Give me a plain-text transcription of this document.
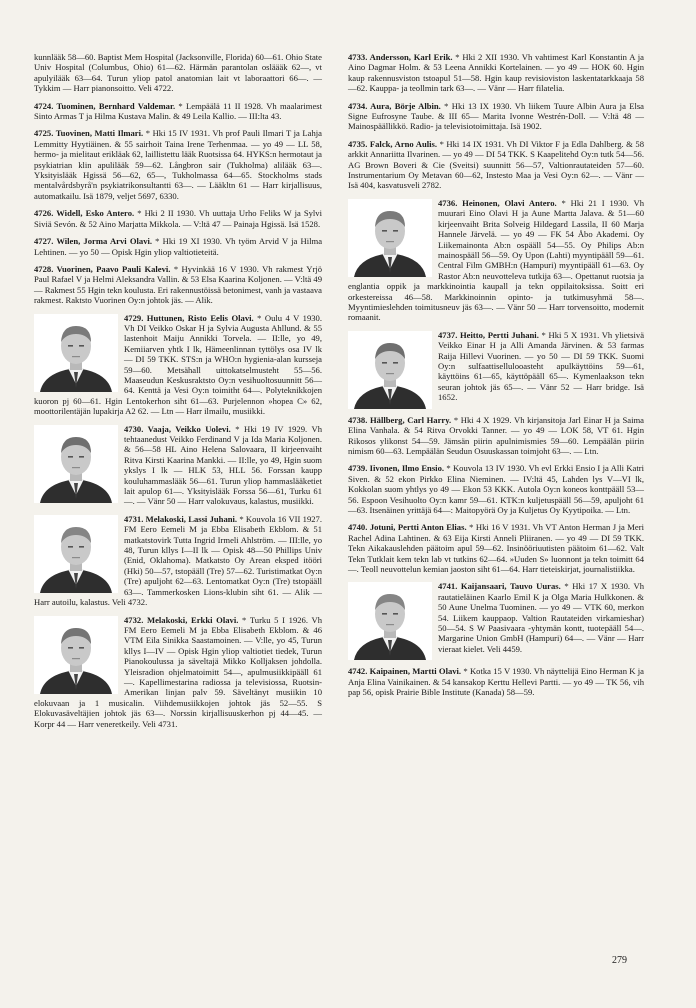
kunnlääk 58—60. Baptist Mem Hospital (Jacksonville, Florida) 60—61. Ohio State Univ Hospital (Columbus, Ohio) 61—62. Härmän parantolan osläääk 62—, vt apulyilääk 63—64. Turun yliop patol anatomian lait vt laboraattori 66—. — Tykkim — Harr pianonsoitto. Veli 4722.

4724. Tuominen, Bernhard Valdemar. * Lempäälä 11 II 1928. Vh maalarimest Sinto Armas T ja Hilma Kustava Malin. & 49 Leila Kallio. — III:lta 43.

4725. Tuovinen, Matti Ilmari. * Hki 15 IV 1931. Vh prof Pauli Ilmari T ja Lahja Lemmitty Hyytiäinen. & 55 sairhoit Taina Irene Terhenmaa. — yo 49 — LL 58, hermo- ja mielitaut erikläak 62, laillistettu lääk Ruotsissa 64. HYKS:n hermotaut ja psykiatrian klin apulilääk 59—62. Långbron sair (Tukholma) alilääk 63—. Yksityislääk Hgissä 56—62, 65—, Tukholmassa 64—65. Stockholms stads mentalvårdsbyrå'n psykiatrikonsultantti 63—. — Lääkltn 61 — Harr kirjallisuus, automatkailu. Isä 1879, veljet 5697, 6330.

4726. Widell, Esko Antero. * Hki 2 II 1930. Vh uuttaja Urho Feliks W ja Sylvi Siviä Sevón. & 52 Aino Marjatta Mikkola. — V:ltä 47 — Painaja Hgissä. Isä 1528.

4727. Wilen, Jorma Arvi Olavi. * Hki 19 XI 1930. Vh työm Arvid V ja Hilma Lehtinen. — yo 50 — Opisk Hgin yliop valtiotieteitä.

4728. Vuorinen, Paavo Pauli Kalevi. * Hyvinkää 16 V 1930. Vh rakmest Yrjö Paul Rafael V ja Helmi Aleksandra Vallin. & 53 Elsa Kaarina Koljonen. — V:ltä 49 — Rakmest 55 Hgin tekn koulusta. Eri rakennustöissä betonimest, vanh ja vastaava rakmest. Raktsto Vuorinen Oy:n johtok jäs. — Alik.

4729. Huttunen, Risto Eelis Olavi. * Oulu 4 V 1930. Vh DI Veikko Oskar H ja Sylvia Augusta Ahllund. & 55 lastenhoit Maiju Annikki Torvela. — II:lle, yo 49, Kemiiarven yhtk I lk, Hämeenlinnan tyttölys osa IV lk — DI 59 TKK. STS:n ja WHO:n hygienia-alan kursseja 59—60. Metsähall uittokatselmusteht 55—56. Maaseudun Keskusraktsto Oy:n vesihuoltosuunnitt 56—64. Kenttä ja Vesi Oy:n toimitht 64—. Polyteknikkojen kuoron pj 60—61. Hgin Lentokerhon siht 61—63. Purjelennon »hopea C» 62, moottorilentäjän lupakirja A2 62. — Ltn — Harr ilmailu, musiikki.

4730. Vaaja, Veikko Uolevi. * Hki 19 IV 1929. Vh tehtaanedust Veikko Ferdinand V ja Ida Maria Koljonen. & 56—58 HL Aino Helena Salovaara, II kirjeenvaiht Ritva Kirsti Kaarina Mankki. — II:lle, yo 49, Hgin suom ykslys I lk — HLK 53, HLL 56. Forssan kaupp kouluhammaslääk 56—61. Turun yliop hammaslääketiet lait apulop 61—. Yksityislääk Forssa 56—61, Turku 61—. — Vänr 50 — Harr valokuvaus, kalastus, musiikki.

4731. Melakoski, Lassi Juhani. * Kouvola 16 VII 1927. FM Eero Eemeli M ja Ebba Elisabeth Ekblom. & 51 matkatstovirk Tutta Ingrid Irmeli Ahlström. — III:lle, yo 48, Turun kllys I—II lk — Opisk 48—50 Phillips Univ (Enid, Oklahoma). Matkatsto Oy Arean eksped itööri (Hki) 50—57, tstopääll (Tre) 57—62. Turistimatkat Oy:n (Tre) apuljoht 62—63. Lentomatkat Oy:n (Tre) tstopääll 63—. Tammerkosken Lions-klubin siht 61. — Alik — Harr autoilu, kalastus. Veli 4732.

4732. Melakoski, Erkki Olavi. * Turku 5 I 1926. Vh FM Eero Eemeli M ja Ebba Elisabeth Ekblom. & 46 VTM Eila Sinikka Saastamoinen. — V:lle, yo 45, Turun kllys I—IV — Opisk Hgin yliop valtiotiet tiedek, Turun Pianokoulussa ja säveltajä Mikko Kolljaksen johdolla. Yleisradion ohjelmatoimitt 54—, apulmusiikkipääll 61—. Kapellimestarina radiossa ja televisiossa, Ruotsin-Amerikan linjan palv 59. Säveltänyt musiikin 10 elokuvaan ja 1 musicalin. Viihdemusiikkojen johtok jäs 52—55. S Elokuvasäveltäjien johtok jäs 63—. Norssin kirjallisuuskerhon pj 44—45. — Korpr 44 — Harr veneretkeily. Veli 4731.

4733. Andersson, Karl Erik. * Hki 2 XII 1930. Vh vahtimest Karl Konstantin A ja Aino Dagmar Holm. & 53 Leena Annikki Kortelainen. — yo 49 — HOK 60. Hgin kaup rakennusviston tstoapul 51—58. Hgin kaup revisioviston laskentatarkkaaja 58—62. Kauppa- ja teollmin tark 63—. — Vänr — Harr filatelia.

4734. Aura, Börje Albin. * Hki 13 IX 1930. Vh liikem Tuure Albin Aura ja Elsa Signe Eufrosyne Taube. & III 65— Marita Ivonne Westrén-Doll. — V:ltä 48 — Mainospäällikkö. Radio- ja televisiotoimittaja. Isä 1902.

4735. Falck, Arno Aulis. * Hki 14 IX 1931. Vh DI Viktor F ja Edla Dahlberg. & 58 arkkit Annariitta Ilvarinen. — yo 49 — DI 54 TKK. S Kaapelitehd Oy:n tutk 54—56. AG Brown Boveri & Cie (Sveitsi) suunnitt 56—57, Valtionrautateiden 57—60. Instrumentarium Oy Metavan 60—62, Instesto Maa ja Vesi Oy:n 62—. — Vänr — Isä 404, kasvatusveli 2782.

4736. Heinonen, Olavi Antero. * Hki 21 I 1930. Vh muurari Eino Olavi H ja Aune Martta Jalava. & 51—60 kirjeenvaiht Brita Solveig Hildegard Lassila, II 60 Marja Hannele Järvelä. — yo 49 — FK 54 Åbo Akademi. Oy Liikemainonta Ab:n ospääll 54—55. Oy Philips Ab:n mainospääll 56—59. Oy Upon (Lahti) myyntipääll 59—61. Central Film GMBH:n (Hampuri) myyntipääll 61—63. Oy Rastor Ab:n neuvottelevа tutkija 63—. Opettanut ruotsia ja englantia oppik ja markkinointia kaupall ja tekn oppilaitoksissa. Soitt eri orkestereissa 46—58. Markkinoinnin opinto- ja tutkimusyhmä 58—. Myyntimieslehden toimitusneuv jäs 63—. — Vänr 50 — Harr torvensoitto, modernit romaanit.

4737. Heitto, Pertti Juhani. * Hki 5 X 1931. Vh ylietsivä Veikko Einar H ja Alli Amanda Järvinen. & 53 farmas Raija Hillevi Vuorinen. — yo 50 — DI 59 TKK. Suomi Oy:n sulfaattisellulooasteht apulkäyttöins 59—61, käyttöins 61—65, käyttöpääll 65—. Kymenlaakson tekn seuran johtok jäs 65—. — Vänr 52 — Harr bridge. Isä 1652.

4738. Hällberg, Carl Harry. * Hki 4 X 1929. Vh kirjansitoja Jarl Einar H ja Saima Elina Vanhala. & 54 Ritva Orvokki Tanner. — yo 49 — LOK 58, VT 61. Hgin Rikosos ylikonst 54—59. Jämsän piirin apulnimismies 59—60. Lempäälän piirin nimism 60—63. Lempäälän Seudun Osuuskassan toimjoht 63—. — Ltn.

4739. Iivonen, Ilmo Ensio. * Kouvola 13 IV 1930. Vh evl Erkki Ensio I ja Alli Katri Siven. & 52 ekon Pirkko Elina Nieminen. — IV:ltä 45, Lahden lys V—VI lk, Kokkolan suom yhtlys yo 49 — Ekon 53 KKK. Autola Oy:n koneos konttpääll 53—56. Espoon Vesihuolto Oy:n kamr 59—61. KTK:n kuljetuspääll 56—59, apuljoht 61—63. Itsenäinen yrittäjä 64—: Maitopyörä Oy ja Kuljetus Oy Kyytipoika. — Ltn.

4740. Jotuni, Pertti Anton Elias. * Hki 16 V 1931. Vh VT Anton Herman J ja Meri Rachel Adina Lahtinen. & 63 Eija Kirsti Anneli Pliiranen. — yo 49 — DI 59 TKK. Tekn Aikakauslehden päätoim apul 59—62. Insinööriuutisten päätoim 61—62. Valt Tekn Tutklait kem tekn lab vt tutkins 62—64. »Uuden S» luonnont ja tekn toimitt 64—. Teoll neuvottelun kemian jaoston siht 61—64. Harr tieteiskirjat, journalistiikka.

4741. Kaijansaari, Tauvo Uuras. * Hki 17 X 1930. Vh rautatieläinen Kaarlo Emil K ja Olga Maria Hulkkonen. & 50 Aune Unelma Tuominen. — yo 49 — VTK 60, merkon 54. Liikem kauppaop. Valtion Rautateiden virkamieshar) 50—54. S W Paasivaara -yhtymän kontt, tuotepääll 54—. Margarine Union GmbH (Hampuri) 64—. — Vänr — Harr vieraat kielet. Veli 4459.

4742. Kaipainen, Martti Olavi. * Kotka 15 V 1930. Vh näyttelijä Eino Herman K ja Anja Elina Vainikainen. & 54 kansakop Kerttu Hellevi Partti. — yo 49 — TK 56, vih pap 56, opisk Prairie Bible Institute (Kanada) 58—59.

279
